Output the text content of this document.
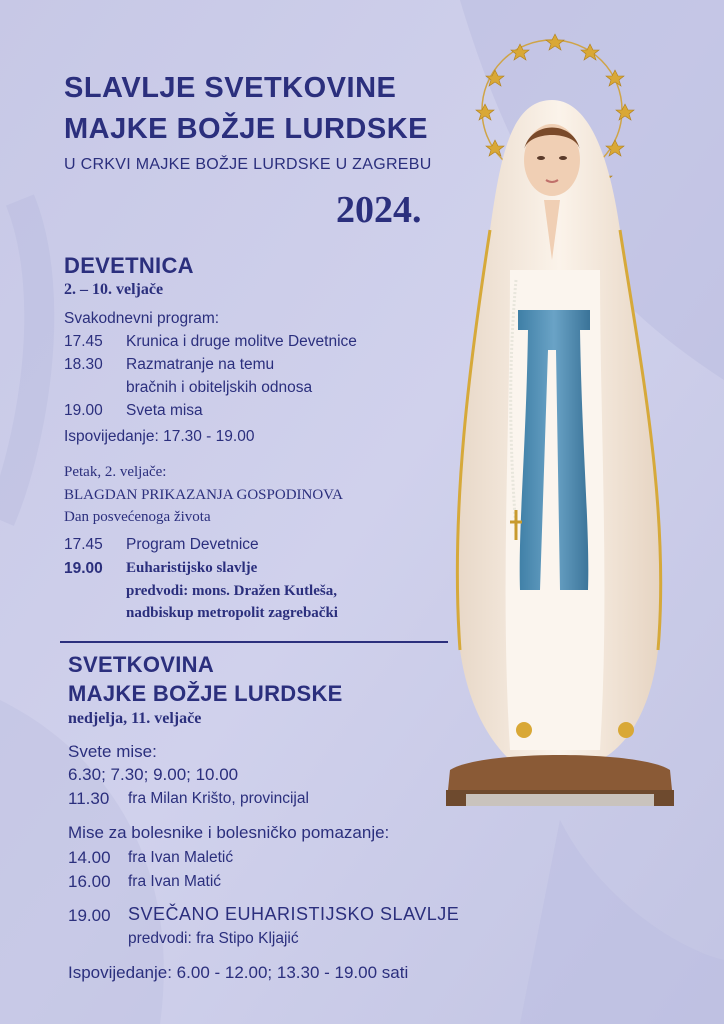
SLAVLJE SVETKOVINE
MAJKE BOŽJE LURDSKE
U CRKVI MAJKE BOŽJE LURDSKE U ZAGREBU
2024.
DEVETNICA
2. – 10. veljače
Svakodnevni program:
17.45 Krunica i druge molitve Devetnice
18.30 Razmatranje na temu
bračnih i obiteljskih odnosa
19.00 Sveta misa
Ispovijedanje: 17.30 - 19.00
Petak, 2. veljače:
BLAGDAN PRIKAZANJA GOSPODINOVA
Dan posvećenoga života
17.45 Program Devetnice
19.00 Euharistijsko slavlje
predvodi: mons. Dražen Kutleša,
nadbiskup metropolit zagrebački
SVETKOVINA
MAJKE BOŽJE LURDSKE
nedjelja, 11. veljače
Svete mise:
6.30; 7.30; 9.00; 10.00
11.30 fra Milan Krišto, provincijal
Mise za bolesnike i bolesničko pomazanje:
14.00 fra Ivan Maletić
16.00 fra Ivan Matić
19.00 SVEČANO EUHARISTIJSKO SLAVLJE
predvodi: fra Stipo Kljajić
Ispovijedanje: 6.00 - 12.00; 13.30 - 19.00 sati
